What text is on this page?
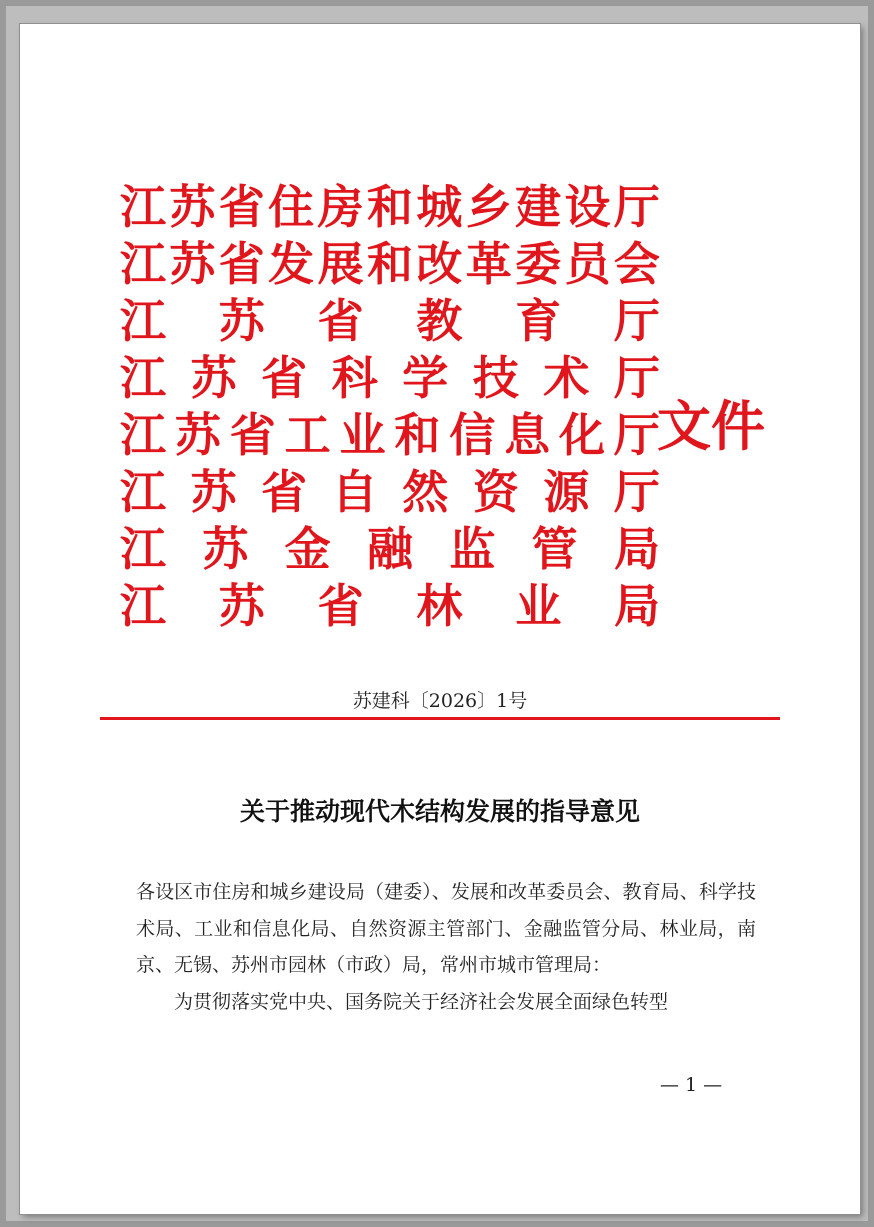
江 苏 省 住 房 和 城 乡 建 设 厅
江 苏 省 发 展 和 改 革 委 员 会
江 苏 省 教 育 厅
江 苏 省 科 学 技 术 厅
江 苏 省 工 业 和 信 息 化 厅
江 苏 省 自 然 资 源 厅
江 苏 金 融 监 管 局
江 苏 省 林 业 局
文件
苏建科〔2026〕1号
关于推动现代木结构发展的指导意见
各设区市住房和城乡建设局（建委）、发展和改革委员会、教育局、科学技术局、工业和信息化局、自然资源主管部门、金融监管分局、林业局，南京、无锡、苏州市园林（市政）局，常州市城市管理局：

为贯彻落实党中央、国务院关于经济社会发展全面绿色转型

— 1 —
